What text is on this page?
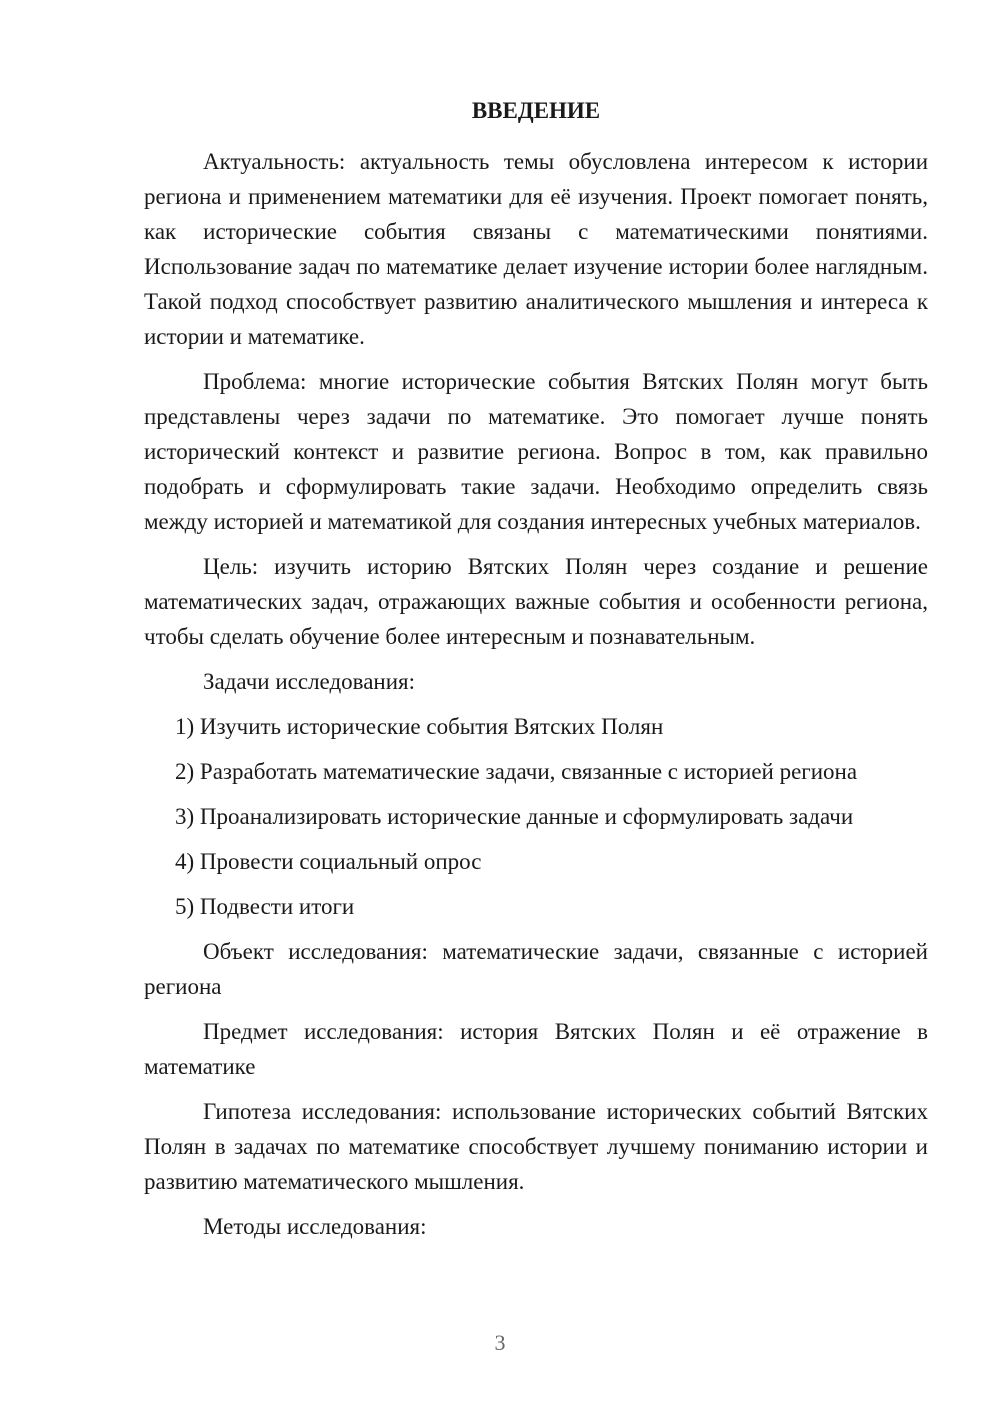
ВВЕДЕНИЕ

Актуальность: актуальность темы обусловлена интересом к истории региона и применением математики для её изучения. Проект помогает понять, как исторические события связаны с математическими понятиями. Использование задач по математике делает изучение истории более наглядным. Такой подход способствует развитию аналитического мышления и интереса к истории и математике.

Проблема: многие исторические события Вятских Полян могут быть представлены через задачи по математике. Это помогает лучше понять исторический контекст и развитие региона. Вопрос в том, как правильно подобрать и сформулировать такие задачи. Необходимо определить связь между историей и математикой для создания интересных учебных материалов.

Цель: изучить историю Вятских Полян через создание и решение математических задач, отражающих важные события и особенности региона, чтобы сделать обучение более интересным и познавательным.

Задачи исследования:

1) Изучить исторические события Вятских Полян
2) Разработать математические задачи, связанные с историей региона
3) Проанализировать исторические данные и сформулировать задачи
4) Провести социальный опрос
5) Подвести итоги

Объект исследования: математические задачи, связанные с историей региона

Предмет исследования: история Вятских Полян и её отражение в математике

Гипотеза исследования: использование исторических событий Вятских Полян в задачах по математике способствует лучшему пониманию истории и развитию математического мышления.

Методы исследования:

3
